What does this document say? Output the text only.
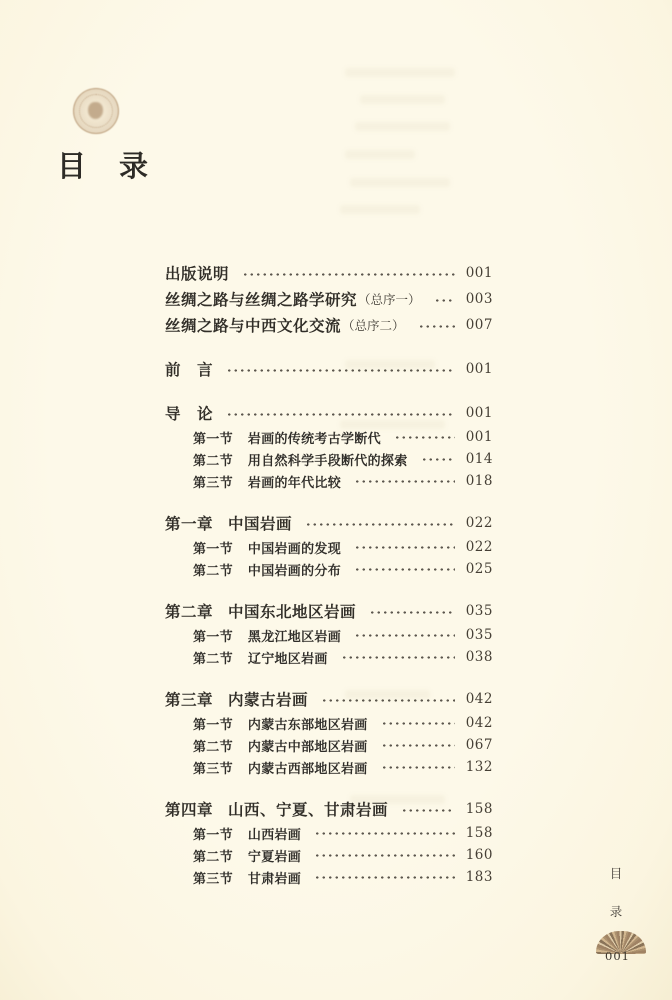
目　录
出版说明	001
丝绸之路与丝绸之路学研究 （总序一）	003
丝绸之路与中西文化交流 （总序二）	007
前　言	001
导　论	001
第一节 岩画的传统考古学断代	001
第二节 用自然科学手段断代的探索	014
第三节 岩画的年代比较	018
第一章 中国岩画	022
第一节 中国岩画的发现	022
第二节 中国岩画的分布	025
第二章 中国东北地区岩画	035
第一节 黑龙江地区岩画	035
第二节 辽宁地区岩画	038
第三章 内蒙古岩画	042
第一节 内蒙古东部地区岩画	042
第二节 内蒙古中部地区岩画	067
第三节 内蒙古西部地区岩画	132
第四章 山西、宁夏、甘肃岩画	158
第一节 山西岩画	158
第二节 宁夏岩画	160
第三节 甘肃岩画	183	目
录
001
